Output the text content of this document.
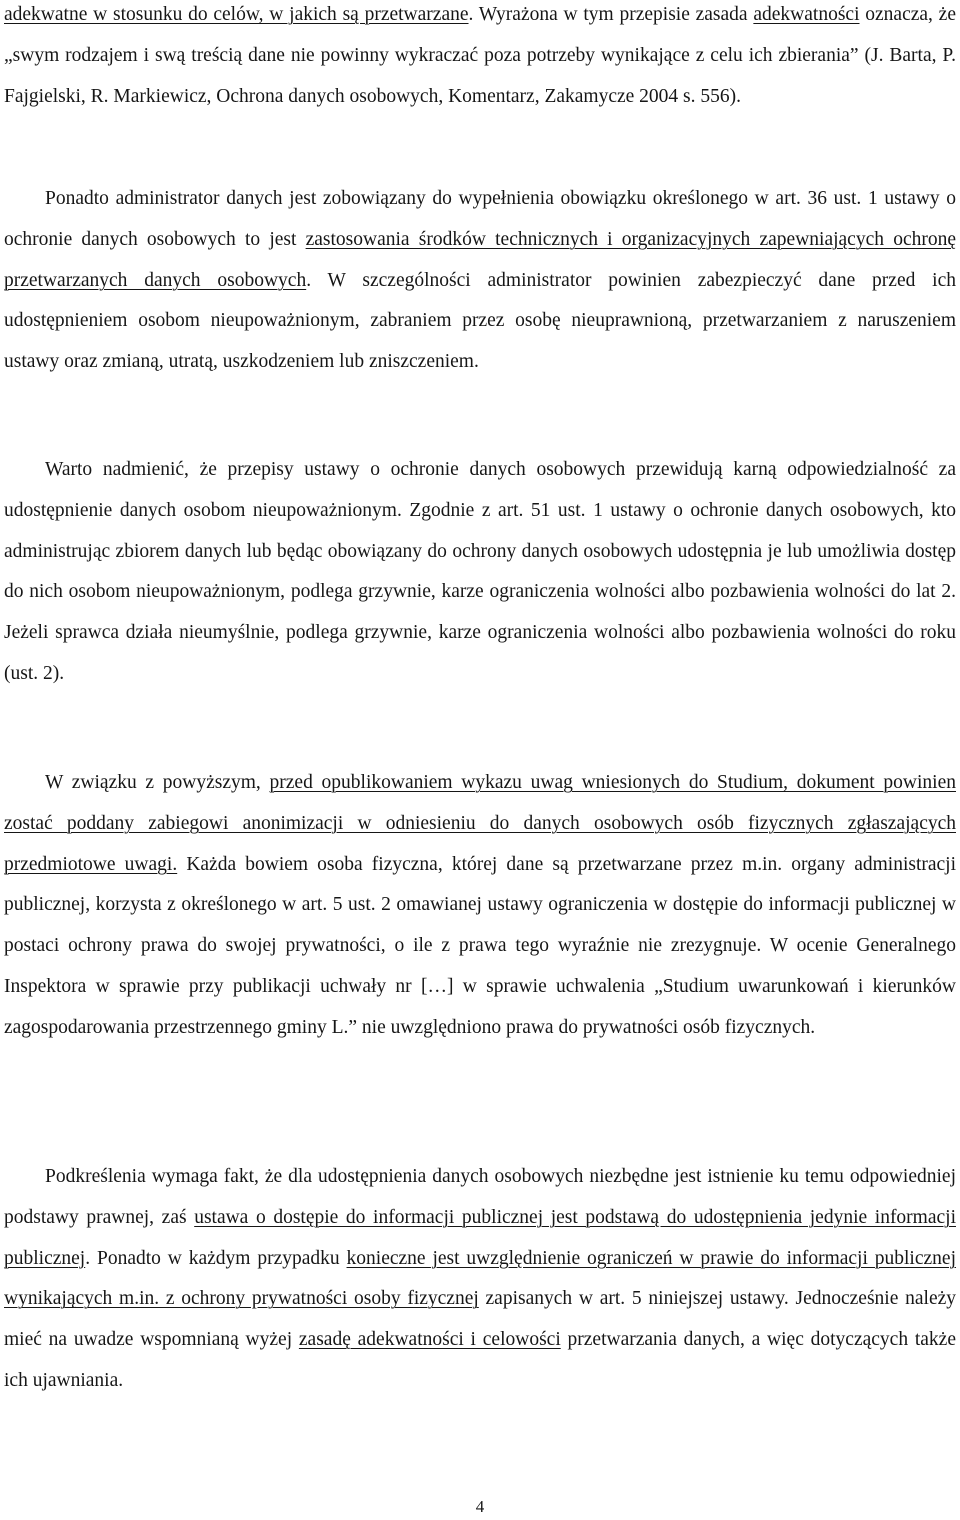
adekwatne w stosunku do celów, w jakich są przetwarzane. Wyrażona w tym przepisie zasada adekwatności oznacza, że „swym rodzajem i swą treścią dane nie powinny wykraczać poza potrzeby wynikające z celu ich zbierania” (J. Barta, P. Fajgielski, R. Markiewicz, Ochrona danych osobowych, Komentarz, Zakamycze 2004 s. 556).

Ponadto administrator danych jest zobowiązany do wypełnienia obowiązku określonego w art. 36 ust. 1 ustawy o ochronie danych osobowych to jest zastosowania środków technicznych i organizacyjnych zapewniających ochronę przetwarzanych danych osobowych. W szczególności administrator powinien zabezpieczyć dane przed ich udostępnieniem osobom nieupoważnionym, zabraniem przez osobę nieuprawnioną, przetwarzaniem z naruszeniem ustawy oraz zmianą, utratą, uszkodzeniem lub zniszczeniem.

Warto nadmienić, że przepisy ustawy o ochronie danych osobowych przewidują karną odpowiedzialność za udostępnienie danych osobom nieupoważnionym. Zgodnie z art. 51 ust. 1 ustawy o ochronie danych osobowych, kto administrując zbiorem danych lub będąc obowiązany do ochrony danych osobowych udostępnia je lub umożliwia dostęp do nich osobom nieupoważnionym, podlega grzywnie, karze ograniczenia wolności albo pozbawienia wolności do lat 2. Jeżeli sprawca działa nieumyślnie, podlega grzywnie, karze ograniczenia wolności albo pozbawienia wolności do roku (ust. 2).

W związku z powyższym, przed opublikowaniem wykazu uwag wniesionych do Studium, dokument powinien zostać poddany zabiegowi anonimizacji w odniesieniu do danych osobowych osób fizycznych zgłaszających przedmiotowe uwagi. Każda bowiem osoba fizyczna, której dane są przetwarzane przez m.in. organy administracji publicznej, korzysta z określonego w art. 5 ust. 2 omawianej ustawy ograniczenia w dostępie do informacji publicznej w postaci ochrony prawa do swojej prywatności, o ile z prawa tego wyraźnie nie zrezygnuje. W ocenie Generalnego Inspektora w sprawie przy publikacji uchwały nr […] w sprawie uchwalenia „Studium uwarunkowań i kierunków zagospodarowania przestrzennego gminy L.” nie uwzględniono prawa do prywatności osób fizycznych.

Podkreślenia wymaga fakt, że dla udostępnienia danych osobowych niezbędne jest istnienie ku temu odpowiedniej podstawy prawnej, zaś ustawa o dostępie do informacji publicznej jest podstawą do udostępnienia jedynie informacji publicznej. Ponadto w każdym przypadku konieczne jest uwzględnienie ograniczeń w prawie do informacji publicznej wynikających m.in. z ochrony prywatności osoby fizycznej zapisanych w art. 5 niniejszej ustawy. Jednocześnie należy mieć na uwadze wspomnianą wyżej zasadę adekwatności i celowości przetwarzania danych, a więc dotyczących także ich ujawniania.

4
